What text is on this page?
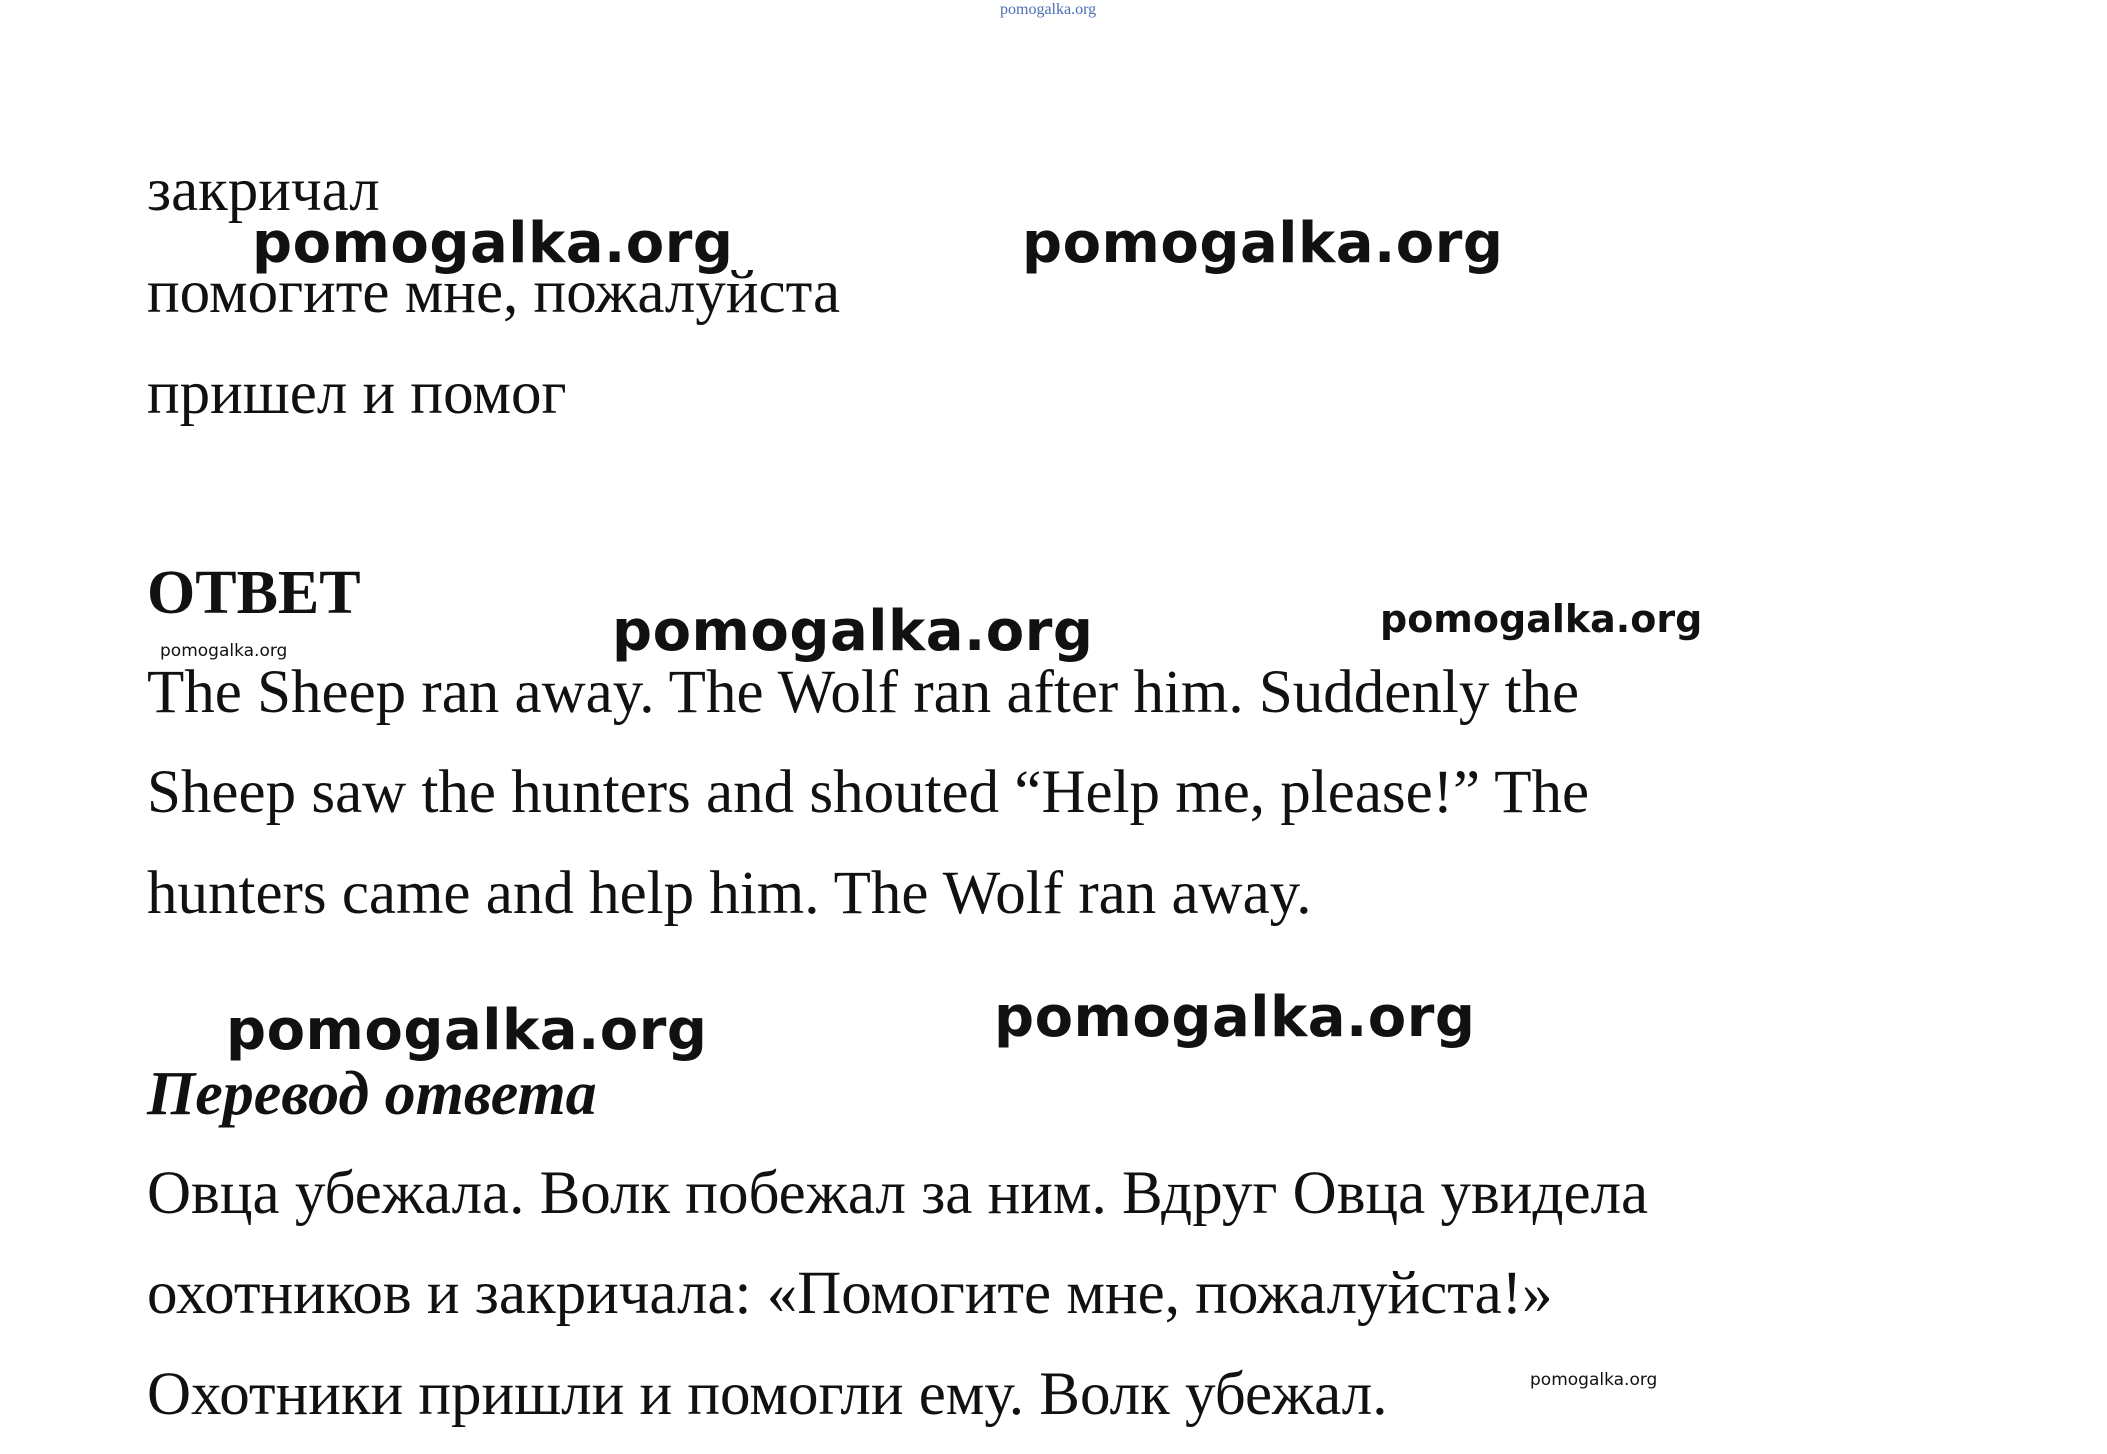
pomogalka.org
закричал
помогите мне, пожалуйста
пришел и помог
pomogalka.org	pomogalka.org
ОТВЕТ
pomogalka.org	pomogalka.org
pomogalka.org
The Sheep ran away. The Wolf ran after him. Suddenly the
Sheep saw the hunters and shouted “Help me, please!” The
hunters came and help him. The Wolf ran away.
pomogalka.org	pomogalka.org
Перевод ответа
Овца убежала. Волк побежал за ним. Вдруг Овца увидела
охотников и закричала: «Помогите мне, пожалуйста!»
Охотники пришли и помогли ему. Волк убежал.	pomogalka.org
